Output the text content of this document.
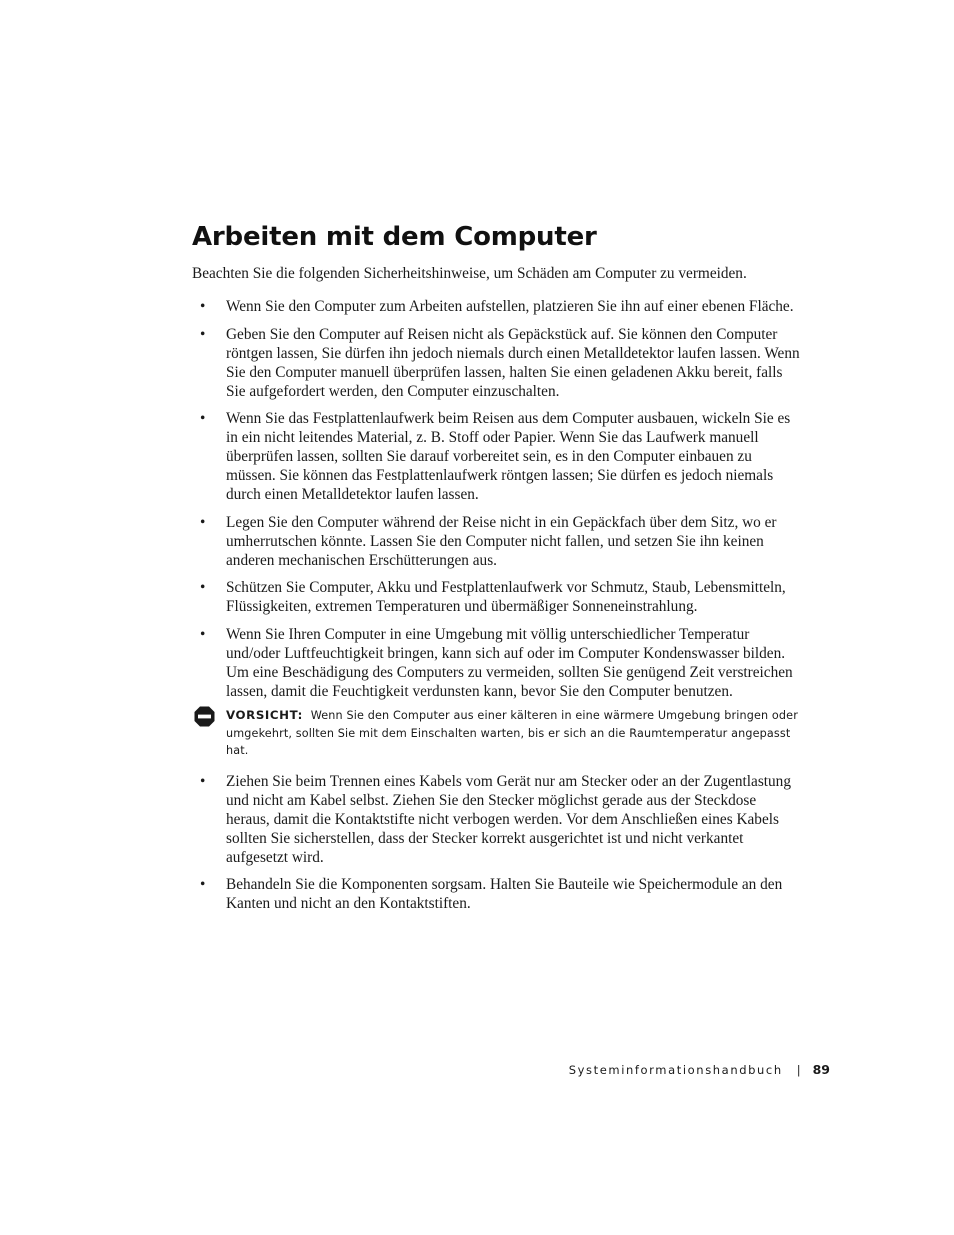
Arbeiten mit dem Computer

Beachten Sie die folgenden Sicherheitshinweise, um Schäden am Computer zu vermeiden.

• Wenn Sie den Computer zum Arbeiten aufstellen, platzieren Sie ihn auf einer ebenen Fläche.
• Geben Sie den Computer auf Reisen nicht als Gepäckstück auf. Sie können den Computer röntgen lassen, Sie dürfen ihn jedoch niemals durch einen Metalldetektor laufen lassen. Wenn Sie den Computer manuell überprüfen lassen, halten Sie einen geladenen Akku bereit, falls Sie aufgefordert werden, den Computer einzuschalten.
• Wenn Sie das Festplattenlaufwerk beim Reisen aus dem Computer ausbauen, wickeln Sie es in ein nicht leitendes Material, z. B. Stoff oder Papier. Wenn Sie das Laufwerk manuell überprüfen lassen, sollten Sie darauf vorbereitet sein, es in den Computer einbauen zu müssen. Sie können das Festplattenlaufwerk röntgen lassen; Sie dürfen es jedoch niemals durch einen Metalldetektor laufen lassen.
• Legen Sie den Computer während der Reise nicht in ein Gepäckfach über dem Sitz, wo er umherrutschen könnte. Lassen Sie den Computer nicht fallen, und setzen Sie ihn keinen anderen mechanischen Erschütterungen aus.
• Schützen Sie Computer, Akku und Festplattenlaufwerk vor Schmutz, Staub, Lebensmitteln, Flüssigkeiten, extremen Temperaturen und übermäßiger Sonneneinstrahlung.
• Wenn Sie Ihren Computer in eine Umgebung mit völlig unterschiedlicher Temperatur und/oder Luftfeuchtigkeit bringen, kann sich auf oder im Computer Kondenswasser bilden. Um eine Beschädigung des Computers zu vermeiden, sollten Sie genügend Zeit verstreichen lassen, damit die Feuchtigkeit verdunsten kann, bevor Sie den Computer benutzen.
VORSICHT: Wenn Sie den Computer aus einer kälteren in eine wärmere Umgebung bringen oder umgekehrt, sollten Sie mit dem Einschalten warten, bis er sich an die Raumtemperatur angepasst hat.
• Ziehen Sie beim Trennen eines Kabels vom Gerät nur am Stecker oder an der Zugentlastung und nicht am Kabel selbst. Ziehen Sie den Stecker möglichst gerade aus der Steckdose heraus, damit die Kontaktstifte nicht verbogen werden. Vor dem Anschließen eines Kabels sollten Sie sicherstellen, dass der Stecker korrekt ausgerichtet ist und nicht verkantet aufgesetzt wird.
• Behandeln Sie die Komponenten sorgsam. Halten Sie Bauteile wie Speichermodule an den Kanten und nicht an den Kontaktstiften.
Systeminformationshandbuch | 89
